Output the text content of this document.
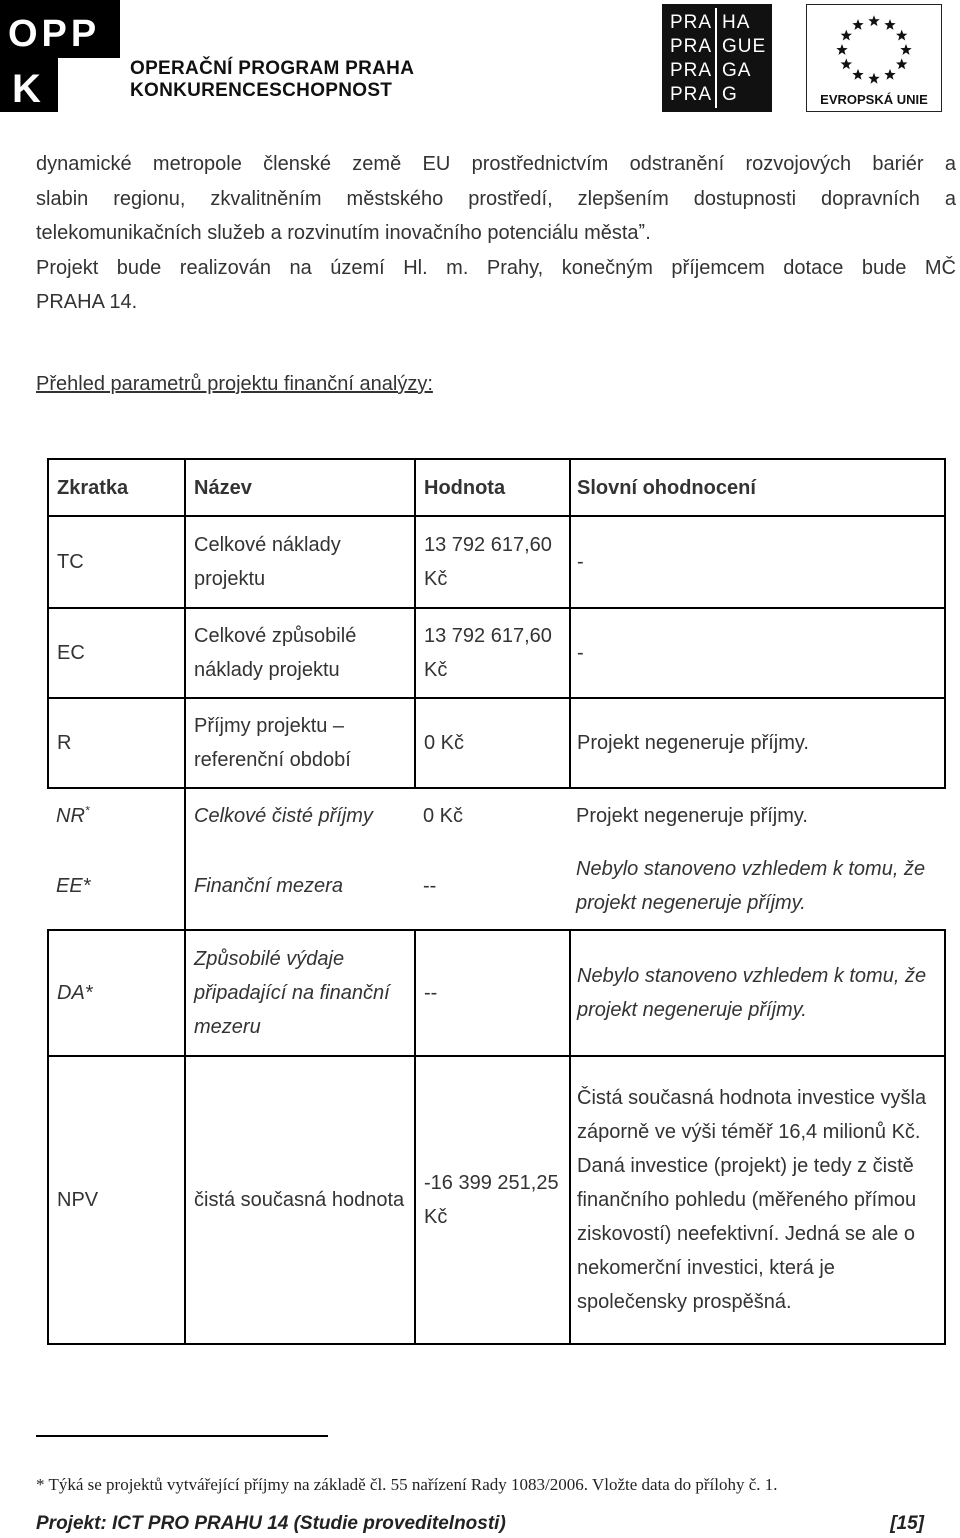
OPP
K	OPERAČNÍ PROGRAM PRAHA
KONKURENCESCHOPNOST
PRA HA
PRA GUE
PRA GA
PRA G	EVROPSKÁ UNIE
dynamické metropole členské země EU prostřednictvím odstranění rozvojových bariér a
slabin regionu, zkvalitněním městského prostředí, zlepšením dostupnosti dopravních a
telekomunikačních služeb a rozvinutím inovačního potenciálu městaˮ.
Projekt bude realizován na území Hl. m. Prahy, konečným příjemcem dotace bude MČ
PRAHA 14.
Přehled parametrů projektu finanční analýzy:
Zkratka	Název	Hodnota	Slovní ohodnocení
TC	Celkové náklady projektu	13 792 617,60 Kč	-
EC	Celkové způsobilé náklady projektu	13 792 617,60 Kč	-
R	Příjmy projektu – referenční období	0 Kč	Projekt negeneruje příjmy.
NR*	Celkové čisté příjmy	0 Kč	Projekt negeneruje příjmy.
EE*	Finanční mezera	--	Nebylo stanoveno vzhledem k tomu, že projekt negeneruje příjmy.
DA*	Způsobilé výdaje připadající na finanční mezeru	--	Nebylo stanoveno vzhledem k tomu, že projekt negeneruje příjmy.
NPV	čistá současná hodnota	-16 399 251,25 Kč	Čistá současná hodnota investice vyšla záporně ve výši téměř 16,4 milionů Kč. Daná investice (projekt) je tedy z čistě finančního pohledu (měřeného přímou ziskovostí) neefektivní. Jedná se ale o nekomerční investici, která je společensky prospěšná.
* Týká se projektů vytvářející příjmy na základě čl. 55 nařízení Rady 1083/2006. Vložte data do přílohy č. 1.
Projekt: ICT PRO PRAHU 14 (Studie proveditelnosti)	[15]
